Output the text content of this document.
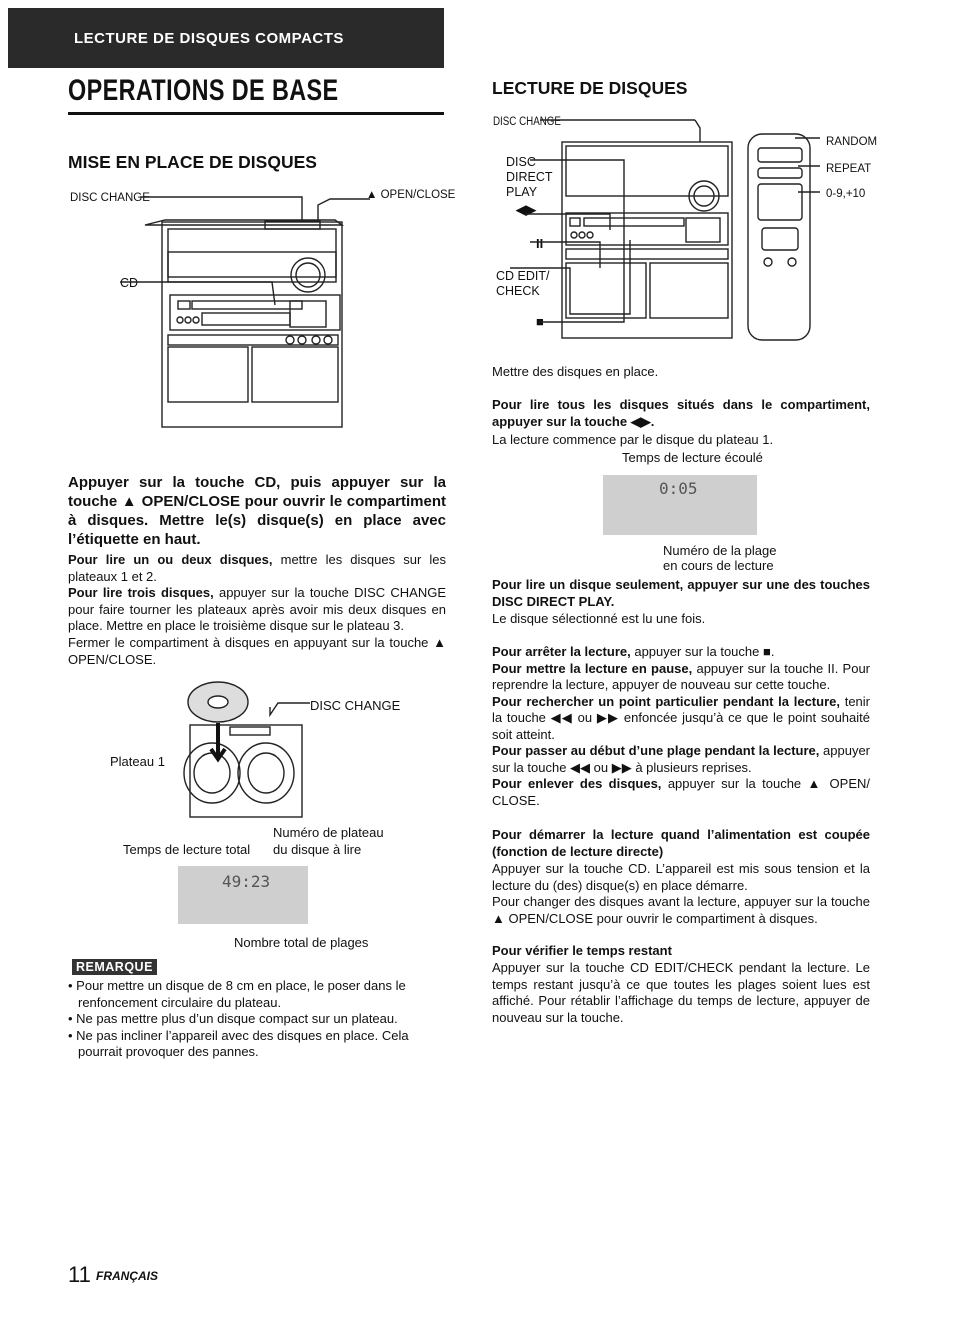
LECTURE DE DISQUES COMPACTS
OPERATIONS DE BASE
MISE EN PLACE DE DISQUES
DISC CHANGE	▲ OPEN/CLOSE
CD
Appuyer sur la touche CD, puis appuyer sur la touche ▲ OPEN/CLOSE pour ouvrir le compartiment à disques. Mettre le(s) disque(s) en place avec l’étiquette en haut.
Pour lire un ou deux disques, mettre les disques sur les plateaux 1 et 2.
Pour lire trois disques, appuyer sur la touche DISC CHANGE pour faire tourner les plateaux après avoir mis deux disques en place. Mettre en place le troisième disque sur le plateau 3.
Fermer le compartiment à disques en appuyant sur la touche ▲ OPEN/CLOSE.
DISC CHANGE
Plateau 1
Numéro de plateau
Temps de lecture total du disque à lire
49:23
Nombre total de plages
REMARQUE
• Pour mettre un disque de 8 cm en place, le poser dans le renfoncement circulaire du plateau.
• Ne pas mettre plus d’un disque compact sur un plateau.
• Ne pas incliner l’appareil avec des disques en place. Cela pourrait provoquer des pannes.
LECTURE DE DISQUES
DISC CHANGE
DISC
DIRECT
PLAY
◀▶
II
CD EDIT/
CHECK
■
RANDOM
REPEAT
0-9,+10
Mettre des disques en place.
Pour lire tous les disques situés dans le compartiment, appuyer sur la touche ◀▶.
La lecture commence par le disque du plateau 1.
Temps de lecture écoulé
0:05
Numéro de la plage
en cours de lecture
Pour lire un disque seulement, appuyer sur une des touches DISC DIRECT PLAY.
Le disque sélectionné est lu une fois.
Pour arrêter la lecture, appuyer sur la touche ■.
Pour mettre la lecture en pause, appuyer sur la touche II. Pour reprendre la lecture, appuyer de nouveau sur cette touche.
Pour rechercher un point particulier pendant la lecture, tenir la touche ◀◀ ou ▶▶ enfoncée jusqu’à ce que le point souhaité soit atteint.
Pour passer au début d’une plage pendant la lecture, appuyer sur la touche ◀◀ ou ▶▶ à plusieurs reprises.
Pour enlever des disques, appuyer sur la touche ▲ OPEN/ CLOSE.
Pour démarrer la lecture quand l’alimentation est coupée (fonction de lecture directe)
Appuyer sur la touche CD. L’appareil est mis sous tension et la lecture du (des) disque(s) en place démarre.
Pour changer des disques avant la lecture, appuyer sur la touche ▲ OPEN/CLOSE pour ouvrir le compartiment à disques.
Pour vérifier le temps restant
Appuyer sur la touche CD EDIT/CHECK pendant la lecture. Le temps restant jusqu’à ce que toutes les plages soient lues est affiché. Pour rétablir l’affichage du temps de lecture, appuyer de nouveau sur la touche.
11 FRANÇAIS
